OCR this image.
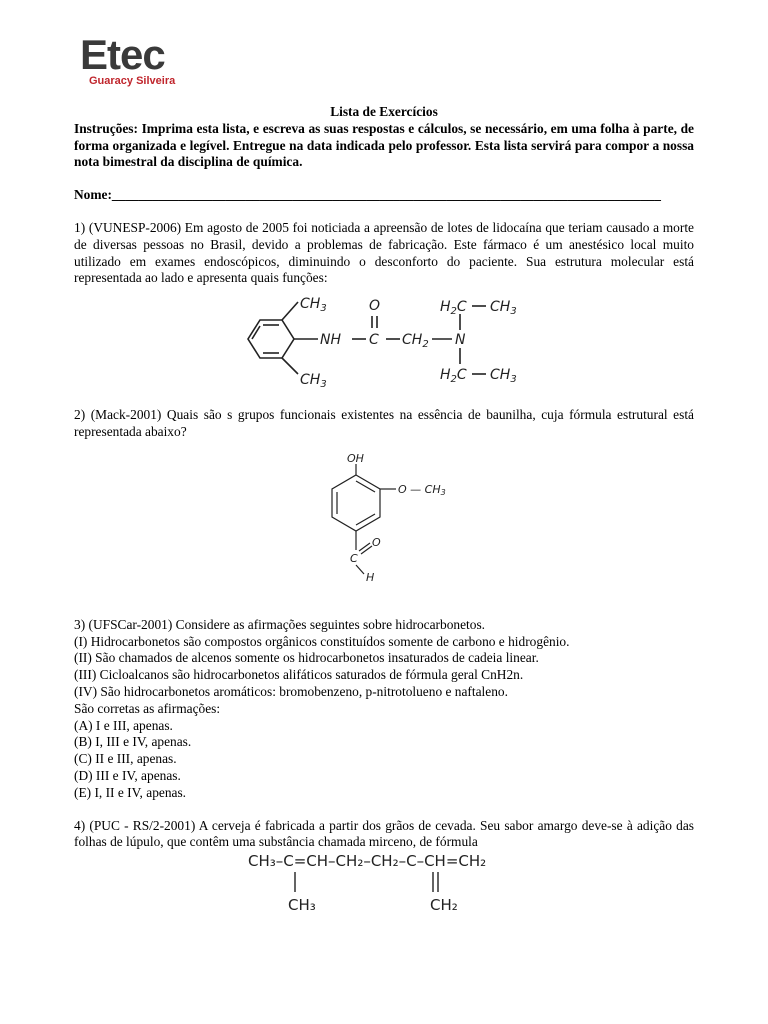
Etec
Guaracy Silveira
Lista de Exercícios
Instruções: Imprima esta lista, e escreva as suas respostas e cálculos, se necessário, em uma folha à parte, de forma organizada e legível. Entregue na data indicada pelo professor. Esta lista servirá para compor a nossa nota bimestral da disciplina de química.
Nome:__________________________________________________________________________________
1) (VUNESP-2006) Em agosto de 2005 foi noticiada a apreensão de lotes de lidocaína que teriam causado a morte de diversas pessoas no Brasil, devido a problemas de fabricação. Este fármaco é um anestésico local muito utilizado em exames endoscópicos, diminuindo o desconforto do paciente. Sua estrutura molecular está representada ao lado e apresenta quais funções:
2) (Mack-2001) Quais são s grupos funcionais existentes na essência de baunilha, cuja fórmula estrutural está representada abaixo?
3) (UFSCar-2001) Considere as afirmações seguintes sobre hidrocarbonetos.
(I) Hidrocarbonetos são compostos orgânicos constituídos somente de carbono e hidrogênio.
(II) São chamados de alcenos somente os hidrocarbonetos insaturados de cadeia linear.
(III) Cicloalcanos são hidrocarbonetos alifáticos saturados de fórmula geral CnH2n.
(IV) São hidrocarbonetos aromáticos: bromobenzeno, p-nitrotolueno e naftaleno.
São corretas as afirmações:
(A) I e III, apenas.
(B) I, III e IV, apenas.
(C) II e III, apenas.
(D) III e IV, apenas.
(E) I, II e IV, apenas.
4) (PUC - RS/2-2001) A cerveja é fabricada a partir dos grãos de cevada. Seu sabor amargo deve-se à adição das folhas de lúpulo, que contêm uma substância chamada mirceno, de fórmula
$CH_3$
$CH_3$
NH
O
C $CH_2$ N
$H_2C$ $CH_3$
$H_2C$ $CH_3$
OH
O — CH3
O
C
H
CH₃–C=CH–CH₂–CH₂–C–CH=CH₂
CH₃	CH₂
